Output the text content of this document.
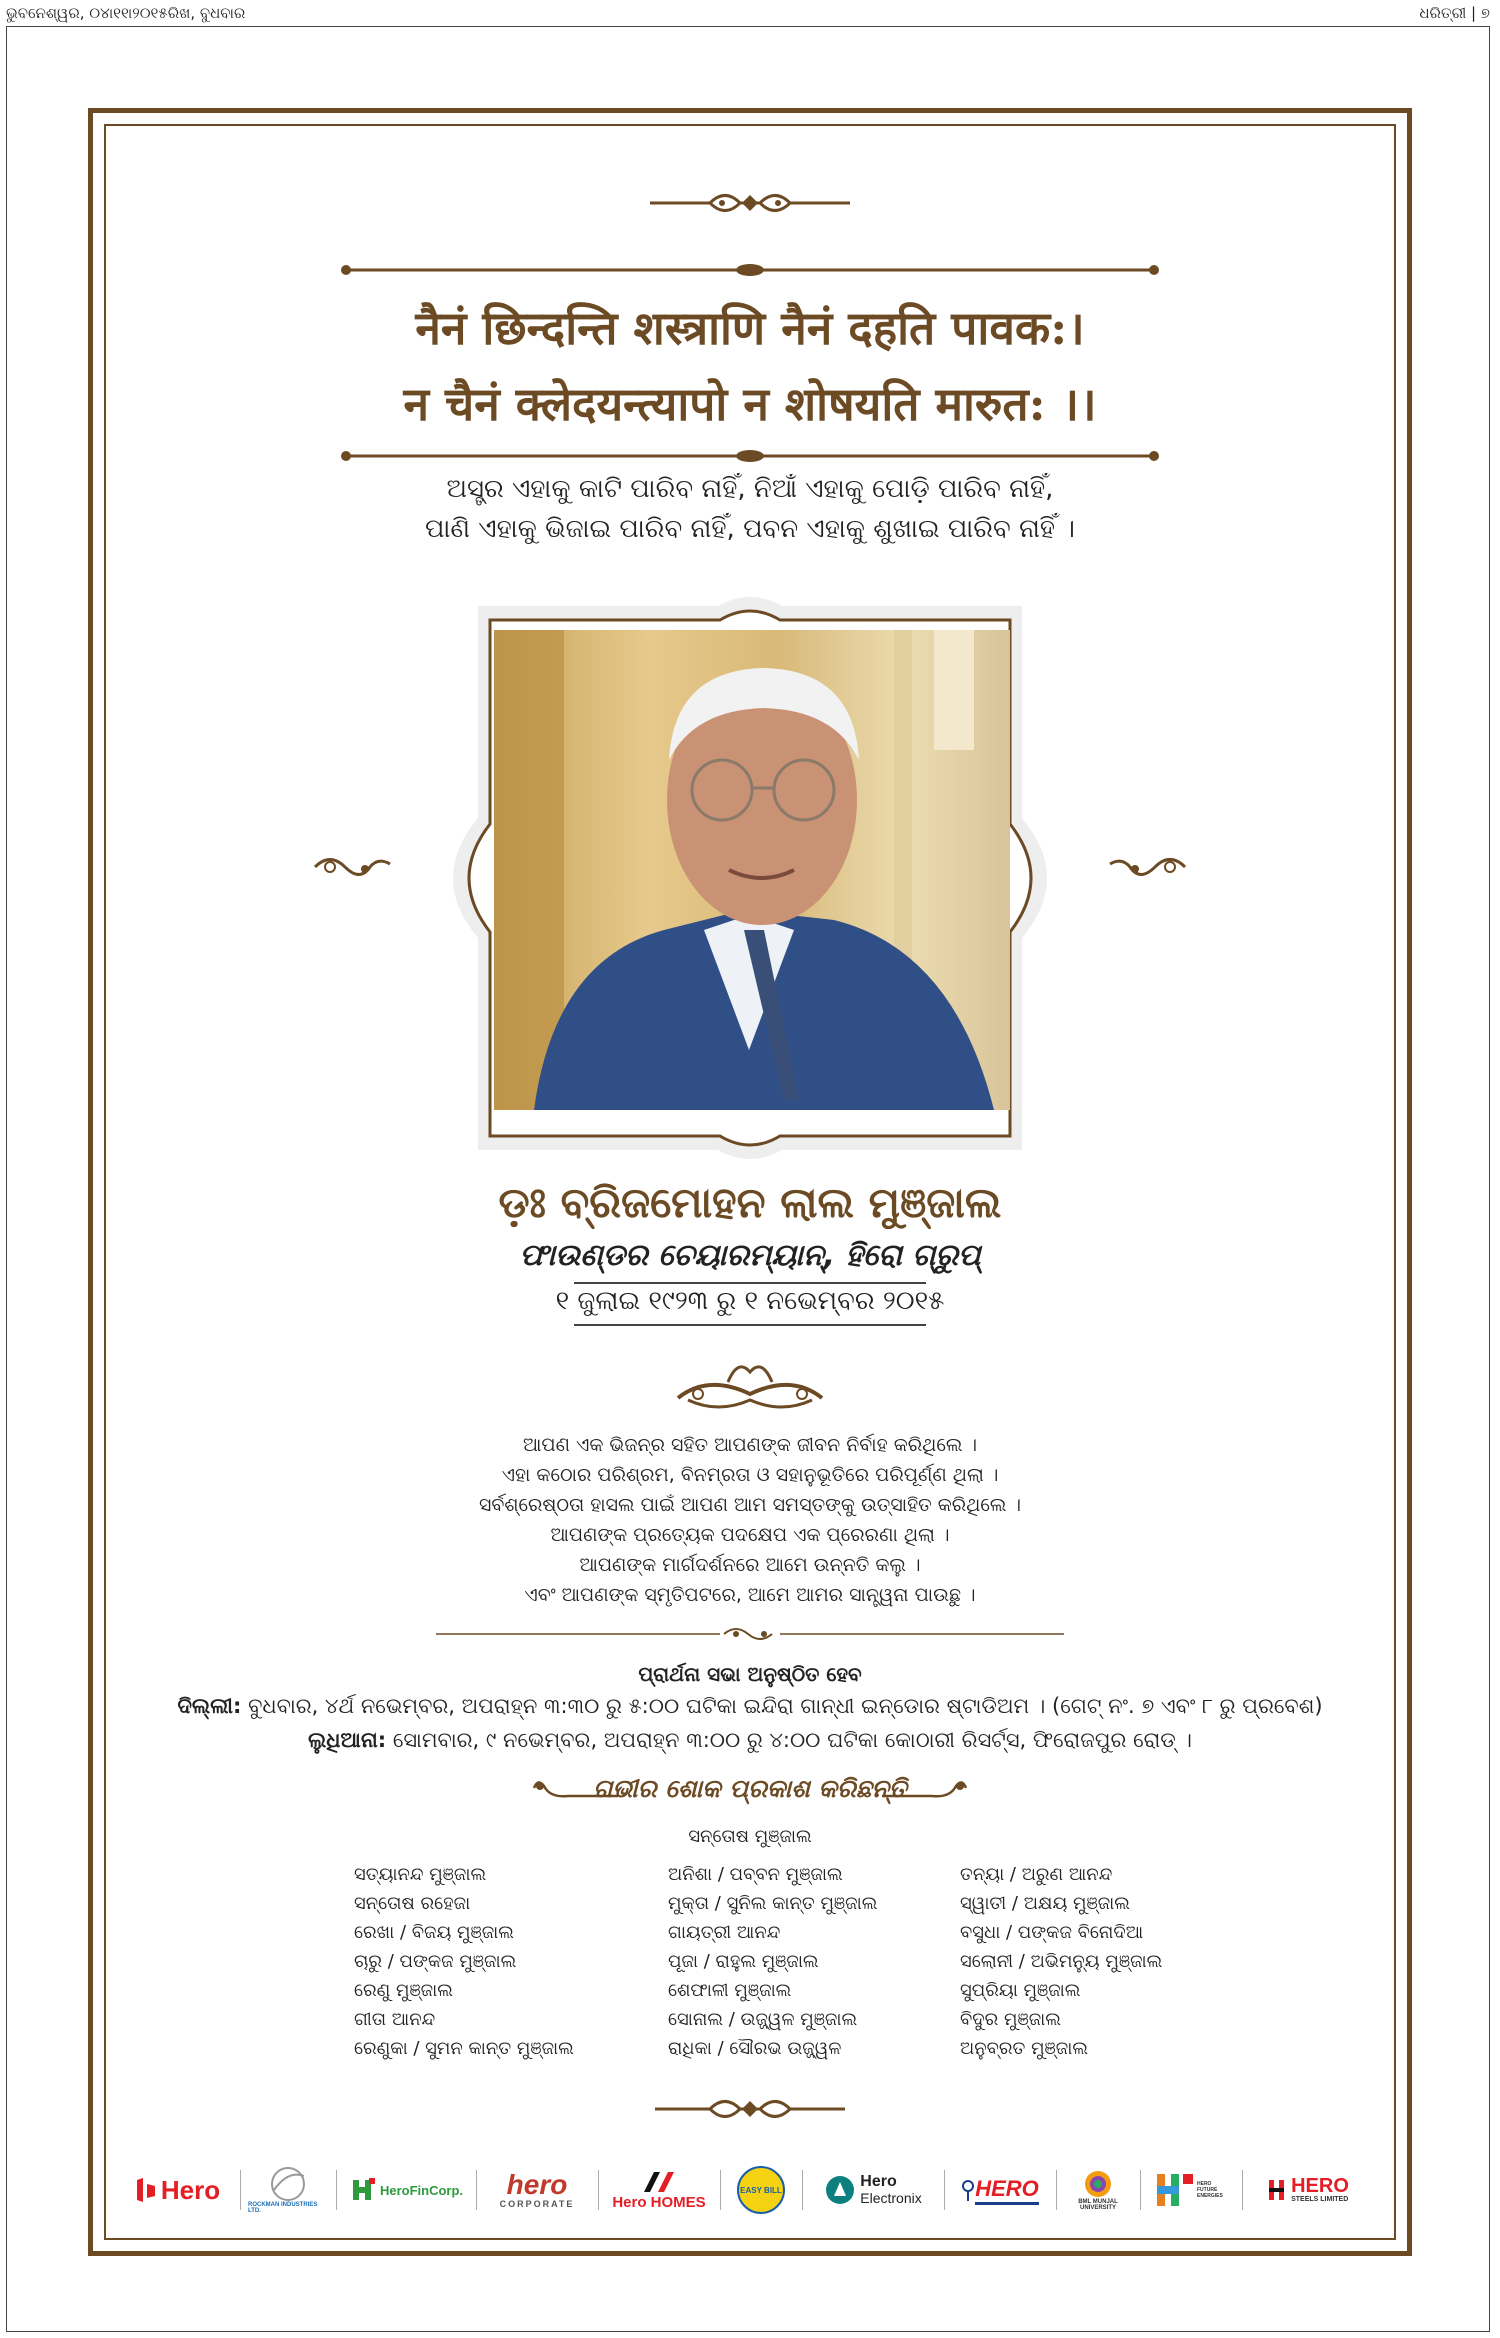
ଭୁବନେଶ୍ୱର, ୦୪ା୧୧ା୨୦୧୫ରିଖ, ବୁଧବାର	ଧରିତ୍ରୀ | ୭
नैनं छिन्दन्ति शस्त्राणि नैनं दहति पावक:।
न चैनं क्लेदयन्त्यापो न शोषयति मारुत: ।।
ଅସ୍ତ୍ର ଏହାକୁ କାଟି ପାରିବ ନାହିଁ, ନିଆଁ ଏହାକୁ ପୋଡ଼ି ପାରିବ ନାହିଁ,
ପାଣି ଏହାକୁ ଭିଜାଇ ପାରିବ ନାହିଁ, ପବନ ଏହାକୁ ଶୁଖାଇ ପାରିବ ନାହିଁ ।
ଡ଼ଃ ବ୍ରିଜମୋହନ ଲାଲ ମୁଞ୍ଜାଲ
ଫାଉଣ୍ଡର ଚେୟାରମ୍ୟାନ୍, ହିରୋ ଗ୍ରୁପ୍
୧ ଜୁଲାଇ ୧୯୨୩ ରୁ ୧ ନଭେମ୍ବର ୨୦୧୫
ଆପଣ ଏକ ଭିଜନ୍‌ର ସହିତ ଆପଣଙ୍କ ଜୀବନ ନିର୍ବାହ କରିଥିଲେ ।
ଏହା କଠୋର ପରିଶ୍ରମ, ବିନମ୍ରତା ଓ ସହାନୁଭୂତିରେ ପରିପୂର୍ଣ୍ଣ ଥିଲା ।
ସର୍ବଶ୍ରେଷ୍ଠତା ହାସଲ ପାଇଁ ଆପଣ ଆମ ସମସ୍ତଙ୍କୁ ଉତ୍ସାହିତ କରିଥିଲେ ।
ଆପଣଙ୍କ ପ୍ରତ୍ୟେକ ପଦକ୍ଷେପ ଏକ ପ୍ରେରଣା ଥିଲା ।
ଆପଣଙ୍କ ମାର୍ଗଦର୍ଶନରେ ଆମେ ଉନ୍ନତି କଲୁ ।
ଏବଂ ଆପଣଙ୍କ ସ୍ମୃତିପଟରେ, ଆମେ ଆମର ସାନ୍ତ୍ୱନା ପାଉଛୁ ।
ପ୍ରାର୍ଥନା ସଭା ଅନୁଷ୍ଠିତ ହେବ
ଦିଲ୍ଲୀ: ବୁଧବାର, ୪ର୍ଥ ନଭେମ୍ବର, ଅପରାହ୍ନ ୩:୩୦ ରୁ ୫:୦୦ ଘଟିକା ଇନ୍ଦିରା ଗାନ୍ଧୀ ଇନ୍‌ଡୋର ଷ୍ଟାଡିଅମ । (ଗେଟ୍ ନଂ. ୭ ଏବଂ ୮ ରୁ ପ୍ରବେଶ)
ଲୁଧିଆନା: ସୋମବାର, ୯ ନଭେମ୍ବର, ଅପରାହ୍ନ ୩:୦୦ ରୁ ୪:୦୦ ଘଟିକା କୋଠାରୀ ରିସର୍ଟ୍‌ସ, ଫିରୋଜପୁର ରୋଡ୍ ।
ଗଭୀର ଶୋକ ପ୍ରକାଶ କରିଛନ୍ତି
ସନ୍ତୋଷ ମୁଞ୍ଜାଲ
ସତ୍ୟାନନ୍ଦ ମୁଞ୍ଜାଲ
ସନ୍ତୋଷ ରହେଜା
ରେଖା / ବିଜୟ ମୁଞ୍ଜାଲ
ଚାରୁ / ପଙ୍କଜ ମୁଞ୍ଜାଲ
ରେଣୁ ମୁଞ୍ଜାଲ
ଗୀତା ଆନନ୍ଦ
ରେଣୁକା / ସୁମନ କାନ୍ତ ମୁଞ୍ଜାଲ
ଅନିଶା / ପବ୍ବନ ମୁଞ୍ଜାଲ
ମୁକ୍ତା / ସୁନିଲ କାନ୍ତ ମୁଞ୍ଜାଲ
ଗାୟତ୍ରୀ ଆନନ୍ଦ
ପୂଜା / ରାହୁଲ ମୁଞ୍ଜାଲ
ଶେଫାଳୀ ମୁଞ୍ଜାଲ
ସୋନାଲ / ଉଜ୍ଜ୍ୱଳ ମୁଞ୍ଜାଲ
ରାଧିକା / ସୌରଭ ଉଜ୍ଜ୍ୱଳ
ତନ୍ୟା / ଅରୁଣ ଆନନ୍ଦ
ସ୍ୱାତୀ / ଅକ୍ଷୟ ମୁଞ୍ଜାଲ
ବସୁଧା / ପଙ୍କଜ ବିନୋଦିଆ
ସଲୋନୀ / ଅଭିମନ୍ୟୁ ମୁଞ୍ଜାଲ
ସୁପ୍ରିୟା ମୁଞ୍ଜାଲ
ବିଦୁର ମୁଞ୍ଜାଲ
ଅନୁବ୍ରତ ମୁଞ୍ଜାଲ
Hero
ROCKMAN INDUSTRIES LTD.
HeroFinCorp. hero
CORPORATE	Hero HOMES
EASY BILL	Hero
Electronix HERO
BML MUNJAL UNIVERSITY
HERO FUTURE ENERGIES	HERO
STEELS LIMITED
